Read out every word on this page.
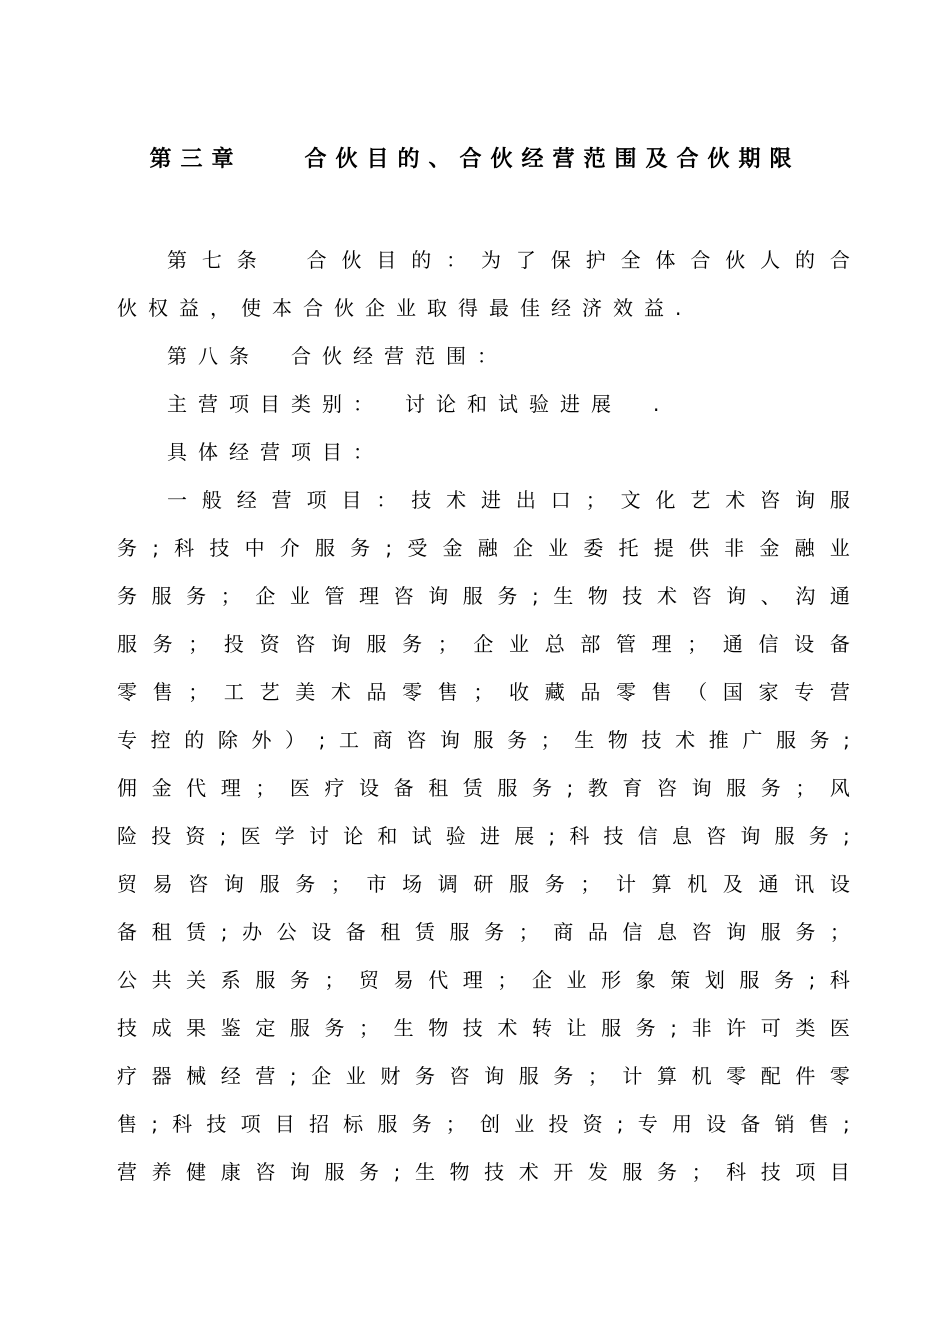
第三章　　合伙目的、合伙经营范围及合伙期限
第 七 条
　 合 伙 目 的 ： 为 了 保 护 全 体 合 伙 人 的 合
伙权益，使本合伙企业取得最佳经济效益.
第八条　合伙经营范围：
主营项目类别：　讨论和试验进展　.
具体经营项目：
一 般 经 营 项 目 ： 技 术 进 出 口 ； 文 化 艺 术 咨 询 服
务 ; 科 技 中 介 服 务 ; 受 金 融 企 业 委 托 提 供 非 金 融 业
务 服 务 ； 企 业 管 理 咨 询 服 务 ; 生 物 技 术 咨 询 、 沟 通
服 务 ； 投 资 咨 询 服 务 ； 企 业 总 部 管 理 ； 通 信 设 备
零 售 ； 工 艺 美 术 品 零 售 ； 收 藏 品 零 售 （ 国 家 专 营
专 控 的 除 外 ） ; 工 商 咨 询 服 务 ； 生 物 技 术 推 广 服 务 ;
佣 金 代 理 ； 医 疗 设 备 租 赁 服 务 ; 教 育 咨 询 服 务 ； 风
险 投 资 ; 医 学 讨 论 和 试 验 进 展 ; 科 技 信 息 咨 询 服 务 ;
贸 易 咨 询 服 务 ； 市 场 调 研 服 务 ； 计 算 机 及 通 讯 设
备 租 赁 ; 办 公 设 备 租 赁 服 务 ； 商 品 信 息 咨 询 服 务 ；
公 共 关 系 服 务 ； 贸 易 代 理 ； 企 业 形 象 策 划 服 务 ; 科
技 成 果 鉴 定 服 务 ； 生 物 技 术 转 让 服 务 ; 非 许 可 类 医
疗 器 械 经 营 ; 企 业 财 务 咨 询 服 务 ； 计 算 机 零 配 件 零
售 ; 科 技 项 目 招 标 服 务 ； 创 业 投 资 ; 专 用 设 备 销 售 ;
营 养 健 康 咨 询 服 务 ; 生 物 技 术 开 发 服 务 ； 科 技 项 目
